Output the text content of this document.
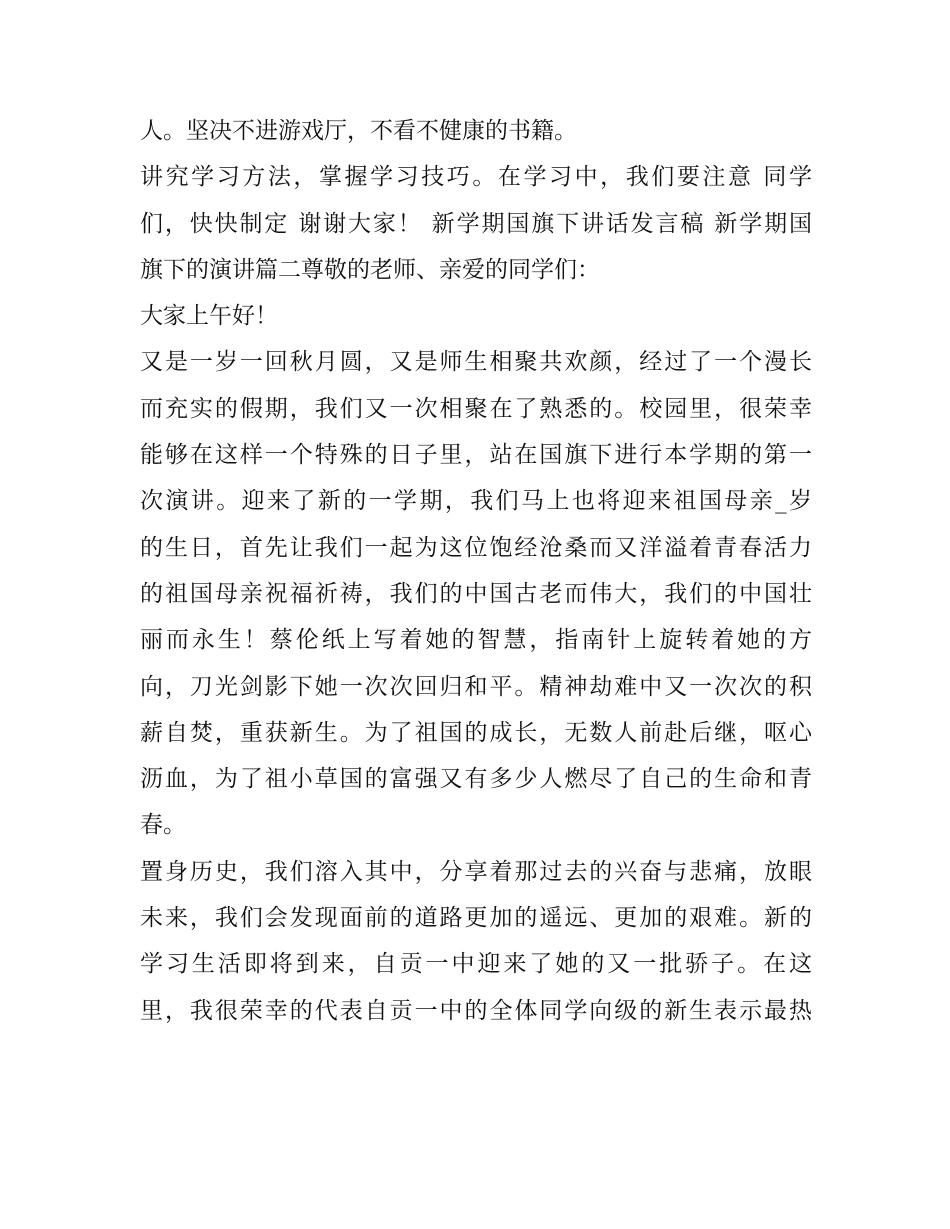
人。坚决不进游戏厅，不看不健康的书籍。
讲究学习方法，掌握学习技巧。在学习中，我们要注意 同学
们，快快制定 谢谢大家！ 新学期国旗下讲话发言稿 新学期国
旗下的演讲篇二尊敬的老师、亲爱的同学们：
大家上午好！
又是一岁一回秋月圆，又是师生相聚共欢颜，经过了一个漫长
而充实的假期，我们又一次相聚在了熟悉的。校园里，很荣幸
能够在这样一个特殊的日子里，站在国旗下进行本学期的第一
次演讲。迎来了新的一学期，我们马上也将迎来祖国母亲_岁
的生日，首先让我们一起为这位饱经沧桑而又洋溢着青春活力
的祖国母亲祝福祈祷，我们的中国古老而伟大，我们的中国壮
丽而永生！蔡伦纸上写着她的智慧，指南针上旋转着她的方
向，刀光剑影下她一次次回归和平。精神劫难中又一次次的积
薪自焚，重获新生。为了祖国的成长，无数人前赴后继，呕心
沥血，为了祖小草国的富强又有多少人燃尽了自己的生命和青
春。
置身历史，我们溶入其中，分享着那过去的兴奋与悲痛，放眼
未来，我们会发现面前的道路更加的遥远、更加的艰难。新的
学习生活即将到来，自贡一中迎来了她的又一批骄子。在这
里，我很荣幸的代表自贡一中的全体同学向级的新生表示最热
